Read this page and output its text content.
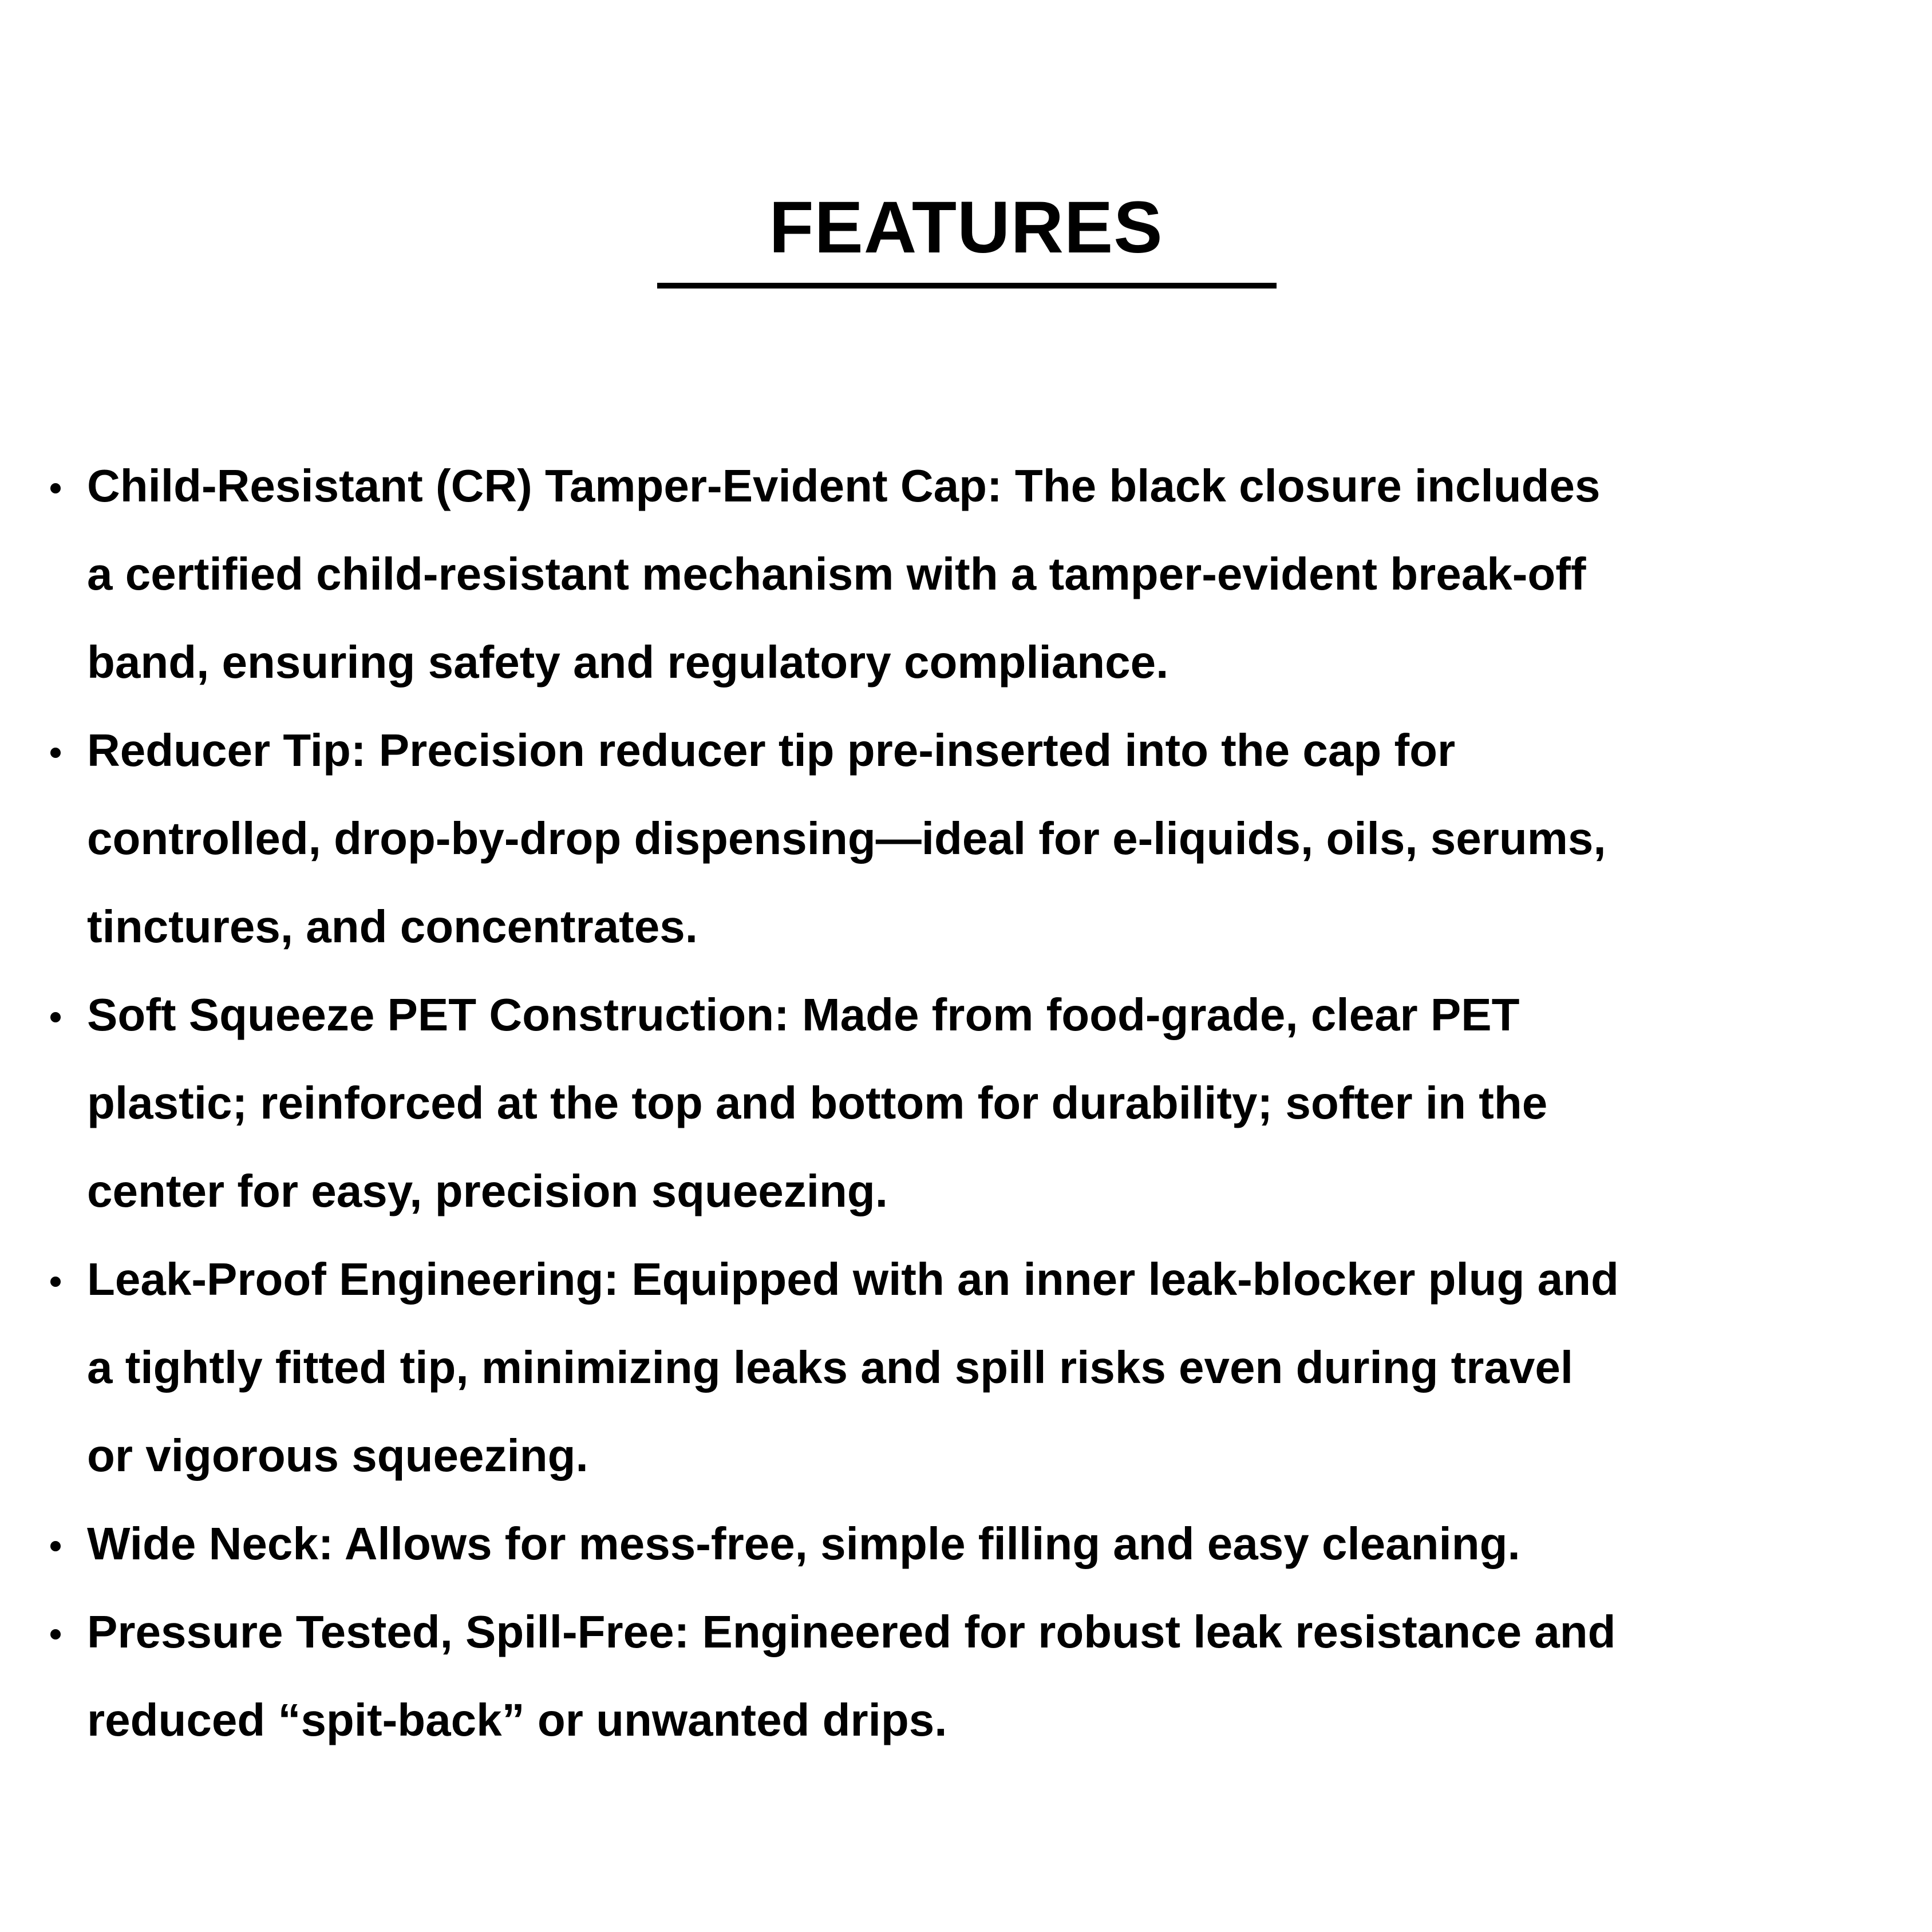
FEATURES
Child-Resistant (CR) Tamper-Evident Cap: The black closure includes
a certified child-resistant mechanism with a tamper-evident break-off
band, ensuring safety and regulatory compliance.
Reducer Tip: Precision reducer tip pre-inserted into the cap for
controlled, drop-by-drop dispensing—ideal for e-liquids, oils, serums,
tinctures, and concentrates.
Soft Squeeze PET Construction: Made from food-grade, clear PET
plastic; reinforced at the top and bottom for durability; softer in the
center for easy, precision squeezing.
Leak-Proof Engineering: Equipped with an inner leak-blocker plug and
a tightly fitted tip, minimizing leaks and spill risks even during travel
or vigorous squeezing.
Wide Neck: Allows for mess-free, simple filling and easy cleaning.
Pressure Tested, Spill-Free: Engineered for robust leak resistance and
reduced “spit-back” or unwanted drips.
